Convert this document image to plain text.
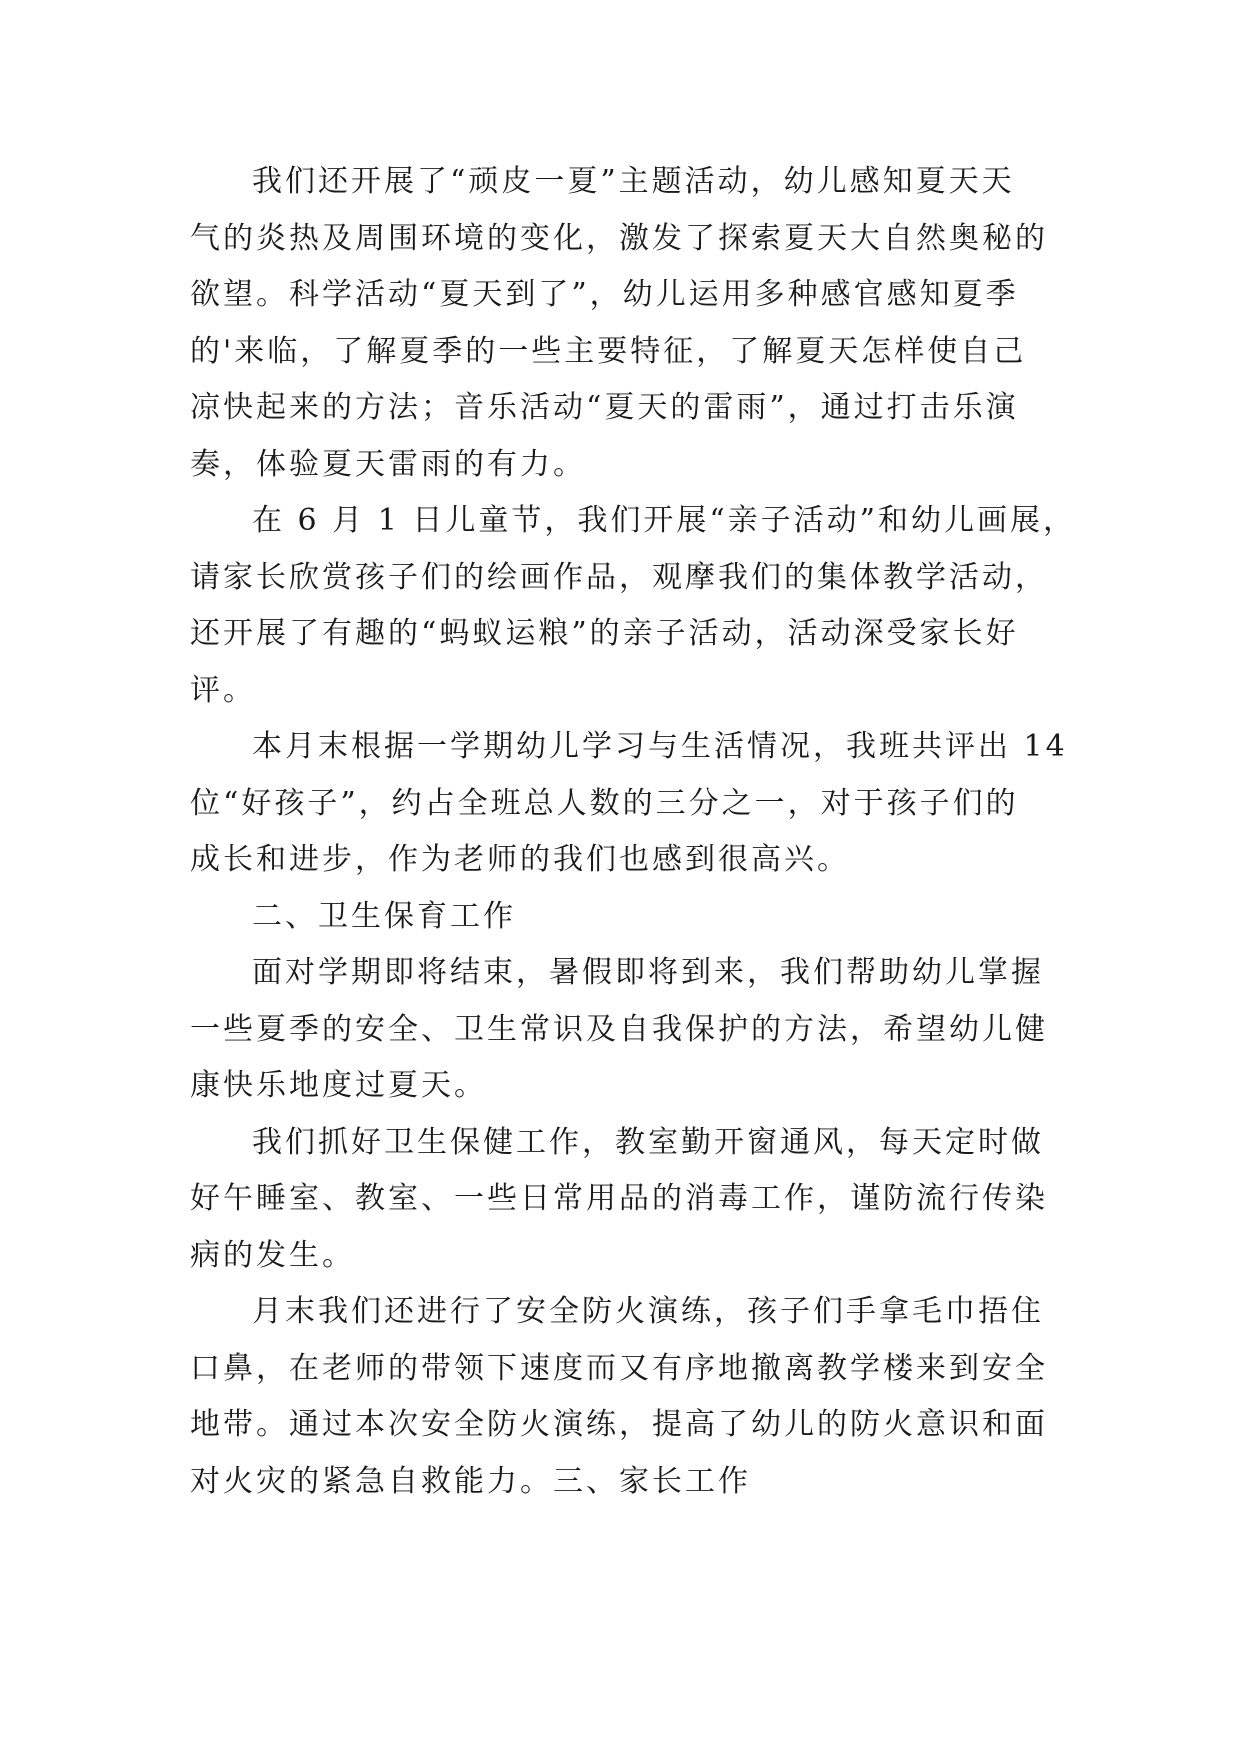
我们还开展了“顽皮一夏”主题活动，幼儿感知夏天天
气的炎热及周围环境的变化，激发了探索夏天大自然奥秘的
欲望。科学活动“夏天到了”，幼儿运用多种感官感知夏季
的'来临，了解夏季的一些主要特征，了解夏天怎样使自己
凉快起来的方法；音乐活动“夏天的雷雨”，通过打击乐演
奏，体验夏天雷雨的有力。
在 6 月 1 日儿童节，我们开展“亲子活动”和幼儿画展，
请家长欣赏孩子们的绘画作品，观摩我们的集体教学活动，
还开展了有趣的“蚂蚁运粮”的亲子活动，活动深受家长好
评。
本月末根据一学期幼儿学习与生活情况，我班共评出 14
位“好孩子”，约占全班总人数的三分之一，对于孩子们的
成长和进步，作为老师的我们也感到很高兴。
二、卫生保育工作
面对学期即将结束，暑假即将到来，我们帮助幼儿掌握
一些夏季的安全、卫生常识及自我保护的方法，希望幼儿健
康快乐地度过夏天。
我们抓好卫生保健工作，教室勤开窗通风，每天定时做
好午睡室、教室、一些日常用品的消毒工作，谨防流行传染
病的发生。
月末我们还进行了安全防火演练，孩子们手拿毛巾捂住
口鼻，在老师的带领下速度而又有序地撤离教学楼来到安全
地带。通过本次安全防火演练，提高了幼儿的防火意识和面
对火灾的紧急自救能力。三、家长工作
